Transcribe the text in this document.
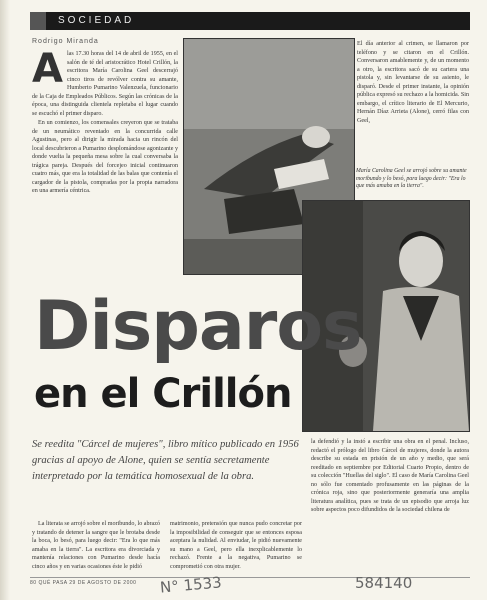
SOCIEDAD
Rodrigo Miranda
A las 17.30 horas del 14 de abril de 1955, en el salón de té del aristocrático Hotel Crillón, la escritora María Carolina Geel descerrajó cinco tiros de revólver contra su amante, Humberto Pumarino Valenzuela, funcionario de la Caja de Empleados Públicos. Según las crónicas de la época, una distinguida clientela repletaba el lugar cuando se escuchó el primer disparo.

En un comienzo, los comensales creyeron que se trataba de un neumático reventado en la concurrida calle Agustinas, pero al dirigir la mirada hacia un rincón del local descubrieron a Pumarino desplomándose agonizante y donde vuelta la pequeña mesa sobre la cual conversaba la trágica pareja. Después del forcejeo inicial continuaron cuatro más, que era la totalidad de las balas que contenía el cargador de la pistola, compradas por la propia narradora en una armería céntrica.

El día anterior al crimen, se llamaron por teléfono y se citaron en el Crillón. Conversaron amablemente y, de un momento a otro, la escritora sacó de su cartera una pistola y, sin levantarse de su asiento, le disparó. Desde el primer instante, la opinión pública expresó su rechazo a la homicida. Sin embargo, el crítico literario de El Mercurio, Hernán Díaz Arrieta (Alone), cerró filas con Geel,

María Carolina Geel se arrojó sobre su amante moribundo y lo besó, para luego decir: "Era lo que más amaba en la tierra".
Disparos
en el Crillón
Se reedita "Cárcel de mujeres", libro mítico publicado en 1956 gracias al apoyo de Alone, quien se sentía secretamente interpretado por la temática homosexual de la obra.

la defendió y la instó a escribir una obra en el penal. Incluso, redactó el prólogo del libro Cárcel de mujeres, donde la autora describe su estada en prisión de un año y medio, que será reeditado en septiembre por Editorial Cuarto Propio, dentro de su colección "Huellas del siglo". El caso de María Carolina Geel no sólo fue comentado profusamente en las páginas de la crónica roja, sino que posteriormente generaría una amplia literatura analítica, pues se trata de un episodio que arroja luz sobre aspectos poco difundidos de la sociedad chilena de

La literata se arrojó sobre el moribundo, lo abrazó y tratando de detener la sangre que le brotaba desde la boca, lo besó, para luego decir: "Era lo que más amaba en la tierra". La escritora era divorciada y mantenía relaciones con Pumarino desde hacía cinco años y en varias ocasiones éste le pidió

matrimonio, pretensión que nunca pudo concretar por la imposibilidad de conseguir que se entonces esposa aceptara la nulidad. Al enviudar, le pidió nuevamente su mano a Geel, pero ella inexplicablemente lo rechazó. Frente a la negativa, Pumarino se comprometió con otra mujer.

80 QUÉ PASA 29 DE AGOSTO DE 2000 N° 1533	584140
